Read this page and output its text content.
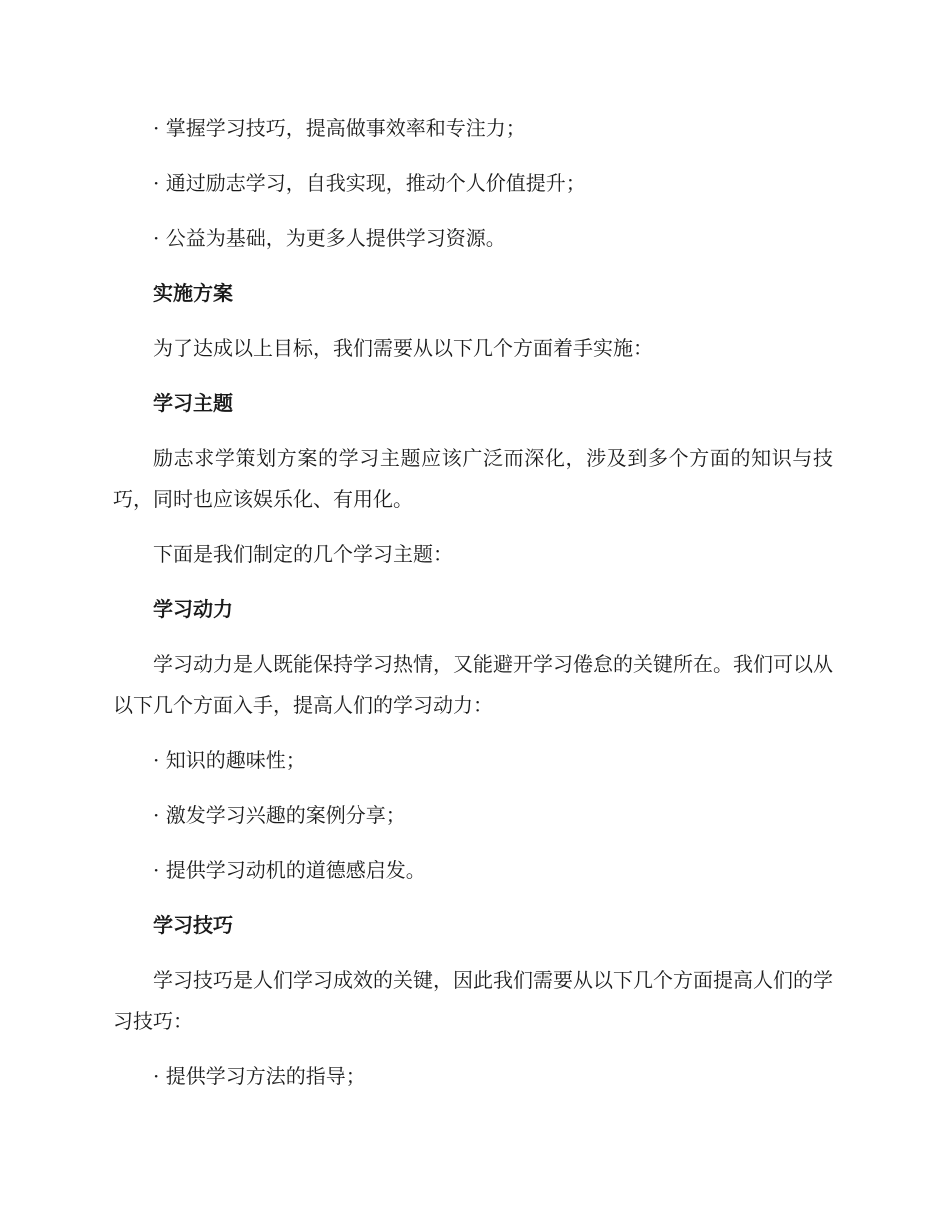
· 掌握学习技巧，提高做事效率和专注力；

· 通过励志学习，自我实现，推动个人价值提升；

· 公益为基础，为更多人提供学习资源。

实施方案

为了达成以上目标，我们需要从以下几个方面着手实施：

学习主题

励志求学策划方案的学习主题应该广泛而深化，涉及到多个方面的知识与技巧，同时也应该娱乐化、有用化。

下面是我们制定的几个学习主题：

学习动力

学习动力是人既能保持学习热情，又能避开学习倦怠的关键所在。我们可以从以下几个方面入手，提高人们的学习动力：

· 知识的趣味性；

· 激发学习兴趣的案例分享；

· 提供学习动机的道德感启发。

学习技巧

学习技巧是人们学习成效的关键，因此我们需要从以下几个方面提高人们的学习技巧：

· 提供学习方法的指导；
